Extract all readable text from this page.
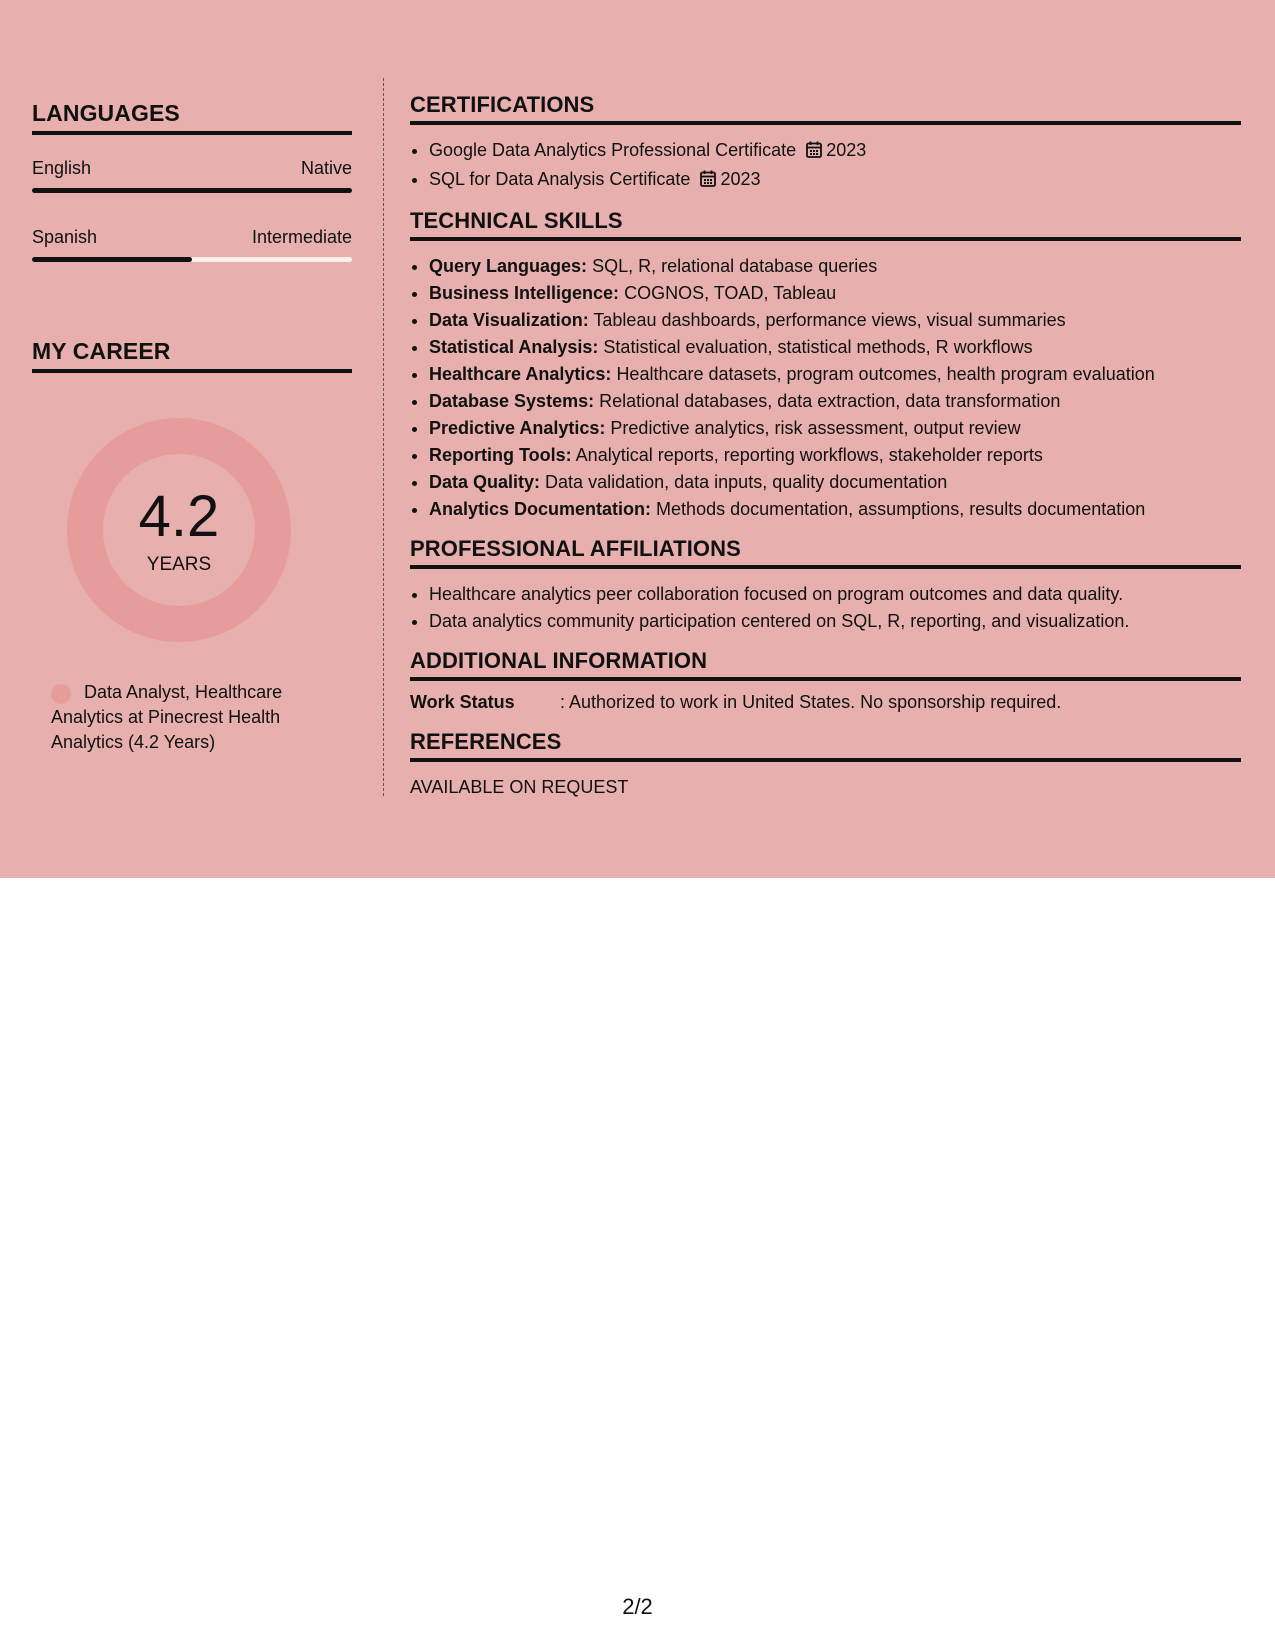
LANGUAGES
English	Native
Spanish	Intermediate
MY CAREER
4.2
YEARS
Data Analyst, Healthcare Analytics at Pinecrest Health Analytics (4.2 Years)
CERTIFICATIONS
• Google Data Analytics Professional Certificate 2023
• SQL for Data Analysis Certificate 2023
TECHNICAL SKILLS
• Query Languages: SQL, R, relational database queries
• Business Intelligence: COGNOS, TOAD, Tableau
• Data Visualization: Tableau dashboards, performance views, visual summaries
• Statistical Analysis: Statistical evaluation, statistical methods, R workflows
• Healthcare Analytics: Healthcare datasets, program outcomes, health program evaluation
• Database Systems: Relational databases, data extraction, data transformation
• Predictive Analytics: Predictive analytics, risk assessment, output review
• Reporting Tools: Analytical reports, reporting workflows, stakeholder reports
• Data Quality: Data validation, data inputs, quality documentation
• Analytics Documentation: Methods documentation, assumptions, results documentation
PROFESSIONAL AFFILIATIONS
• Healthcare analytics peer collaboration focused on program outcomes and data quality.
• Data analytics community participation centered on SQL, R, reporting, and visualization.
ADDITIONAL INFORMATION
Work Status	: Authorized to work in United States. No sponsorship required.
REFERENCES
AVAILABLE ON REQUEST
2/2
